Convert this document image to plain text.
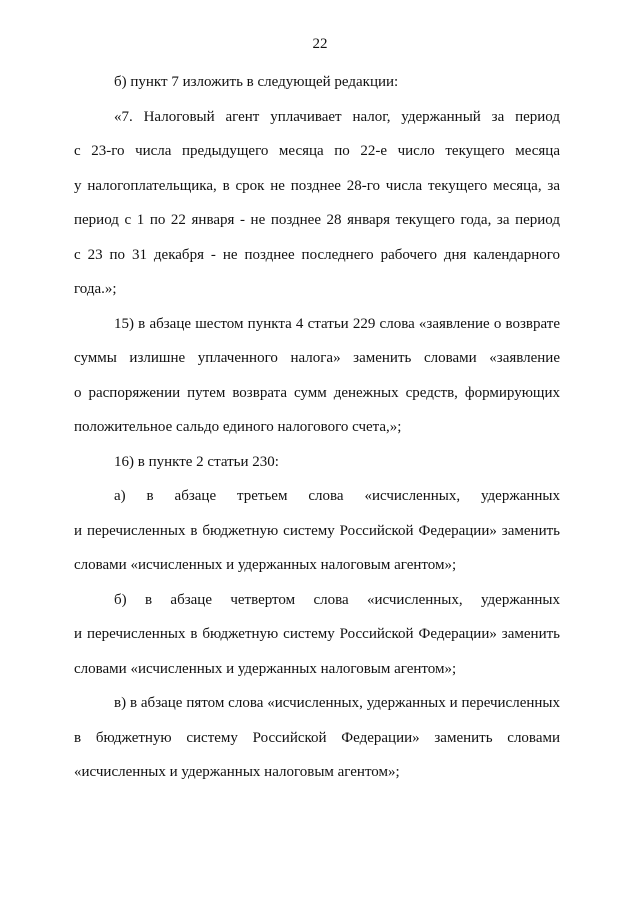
22
б) пункт 7 изложить в следующей редакции:
«7. Налоговый агент уплачивает налог, удержанный за период
с 23-го числа предыдущего месяца по 22-е число текущего месяца
у налогоплательщика, в срок не позднее 28-го числа текущего месяца, за
период с 1 по 22 января - не позднее 28 января текущего года, за период
с 23 по 31 декабря - не позднее последнего рабочего дня календарного
года.»;
15) в абзаце шестом пункта 4 статьи 229 слова «заявление о возврате
суммы излишне уплаченного налога» заменить словами «заявление
о распоряжении путем возврата сумм денежных средств, формирующих
положительное сальдо единого налогового счета,»;
16) в пункте 2 статьи 230:
а) в абзаце третьем слова «исчисленных, удержанных
и перечисленных в бюджетную систему Российской Федерации» заменить
словами «исчисленных и удержанных налоговым агентом»;
б) в абзаце четвертом слова «исчисленных, удержанных
и перечисленных в бюджетную систему Российской Федерации» заменить
словами «исчисленных и удержанных налоговым агентом»;
в) в абзаце пятом слова «исчисленных, удержанных и перечисленных
в бюджетную систему Российской Федерации» заменить словами
«исчисленных и удержанных налоговым агентом»;
